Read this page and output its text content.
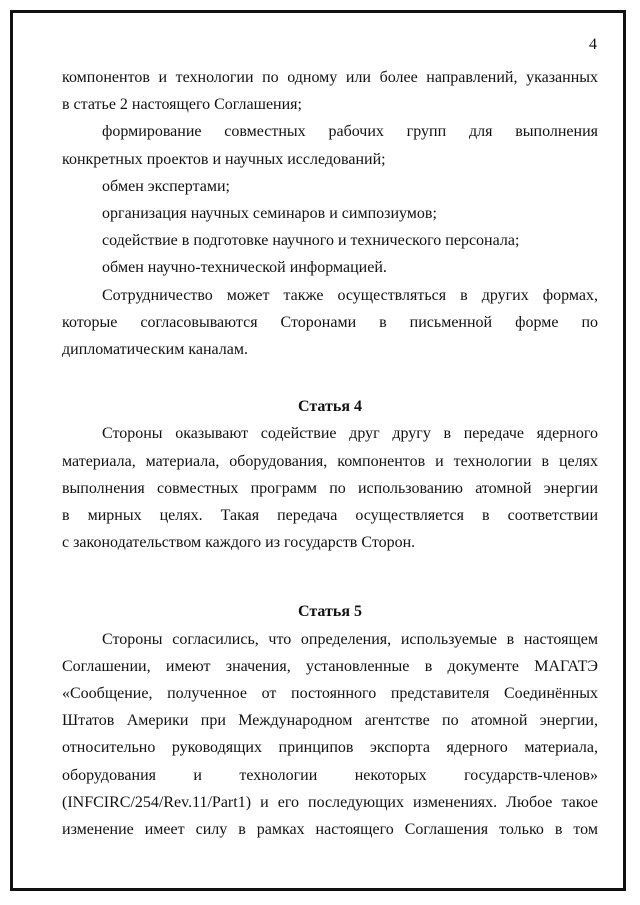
4

компонентов и технологии по одному или более направлений, указанных

в статье 2 настоящего Соглашения;

формирование совместных рабочих групп для выполнения

конкретных проектов и научных исследований;

обмен экспертами;

организация научных семинаров и симпозиумов;

содействие в подготовке научного и технического персонала;

обмен научно-технической информацией.

Сотрудничество может также осуществляться в других формах,

которые согласовываются Сторонами в письменной форме по

дипломатическим каналам.

Статья 4

Стороны оказывают содействие друг другу в передаче ядерного

материала, материала, оборудования, компонентов и технологии в целях

выполнения совместных программ по использованию атомной энергии

в мирных целях. Такая передача осуществляется в соответствии

с законодательством каждого из государств Сторон.

Статья 5

Стороны согласились, что определения, используемые в настоящем

Соглашении, имеют значения, установленные в документе МАГАТЭ

«Сообщение, полученное от постоянного представителя Соединённых

Штатов Америки при Международном агентстве по атомной энергии,

относительно руководящих принципов экспорта ядерного материала,

оборудования и технологии некоторых государств-членов»

(INFCIRC/254/Rev.11/Part1) и его последующих изменениях. Любое такое

изменение имеет силу в рамках настоящего Соглашения только в том
